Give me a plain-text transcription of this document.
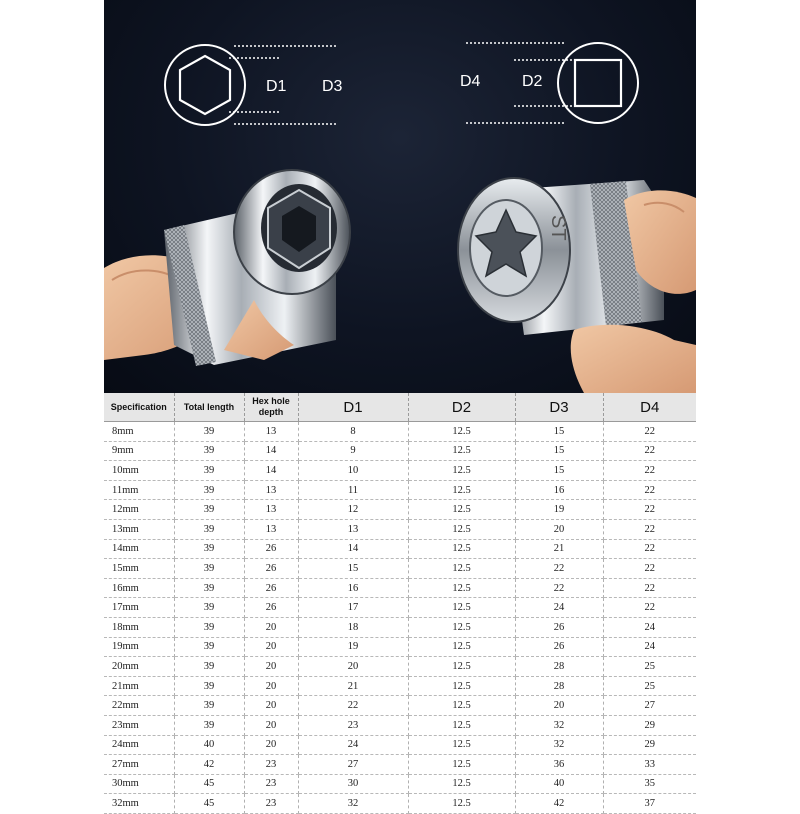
ST
D1 D3	D4	D2
Specification	Total length	Hex hole depth	D1	D2	D3	D4
8mm	39	13	8	12.5	15	22
9mm	39	14	9	12.5	15	22
10mm	39	14	10	12.5	15	22
11mm	39	13	11	12.5	16	22
12mm	39	13	12	12.5	19	22
13mm	39	13	13	12.5	20	22
14mm	39	26	14	12.5	21	22
15mm	39	26	15	12.5	22	22
16mm	39	26	16	12.5	22	22
17mm	39	26	17	12.5	24	22
18mm	39	20	18	12.5	26	24
19mm	39	20	19	12.5	26	24
20mm	39	20	20	12.5	28	25
21mm	39	20	21	12.5	28	25
22mm	39	20	22	12.5	20	27
23mm	39	20	23	12.5	32	29
24mm	40	20	24	12.5	32	29
27mm	42	23	27	12.5	36	33
30mm	45	23	30	12.5	40	35
32mm	45	23	32	12.5	42	37
